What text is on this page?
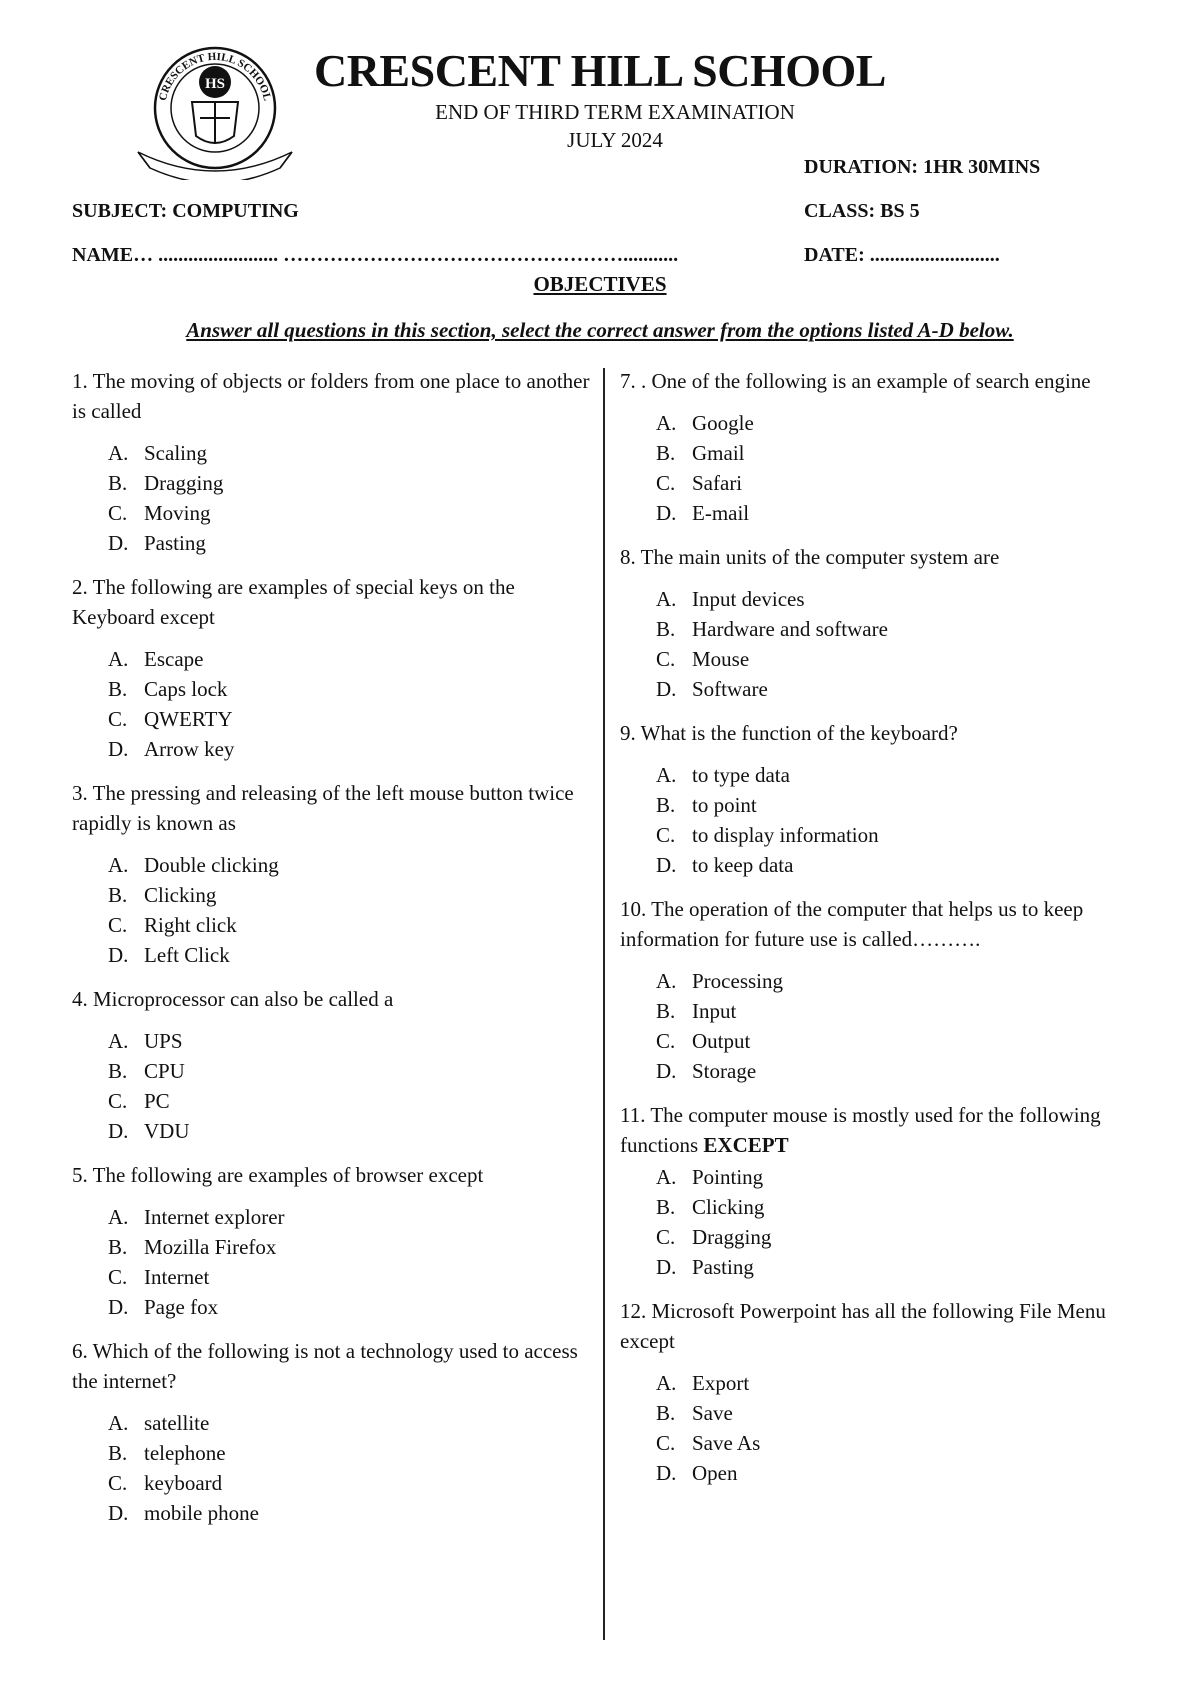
CRESCENT HILL SCHOOL
HS	CRESCENT HILL SCHOOL
END OF THIRD TERM EXAMINATION
JULY 2024
DURATION: 1HR 30MINS
SUBJECT: COMPUTING	CLASS: BS 5
NAME… ........................ ……………………………………………...........	DATE: ..........................
OBJECTIVES
Answer all questions in this section, select the correct answer from the options listed A-D below.
1. The moving of objects or folders from one place to another is called
A. Scaling
B. Dragging
C. Moving
D. Pasting
2. The following are examples of special keys on the Keyboard except
A. Escape
B. Caps lock
C. QWERTY
D. Arrow key
3. The pressing and releasing of the left mouse button twice rapidly is known as
A. Double clicking
B. Clicking
C. Right click
D. Left Click
4. Microprocessor can also be called a
A. UPS
B. CPU
C. PC
D. VDU
5. The following are examples of browser except
A. Internet explorer
B. Mozilla Firefox
C. Internet
D. Page fox
6. Which of the following is not a technology used to access the internet?
A. satellite
B. telephone
C. keyboard
D. mobile phone
7. . One of the following is an example of search engine
A. Google
B. Gmail
C. Safari
D. E-mail
8. The main units of the computer system are
A. Input devices
B. Hardware and software
C. Mouse
D. Software
9. What is the function of the keyboard?
A. to type data
B. to point
C. to display information
D. to keep data
10. The operation of the computer that helps us to keep information for future use is called……….
A. Processing
B. Input
C. Output
D. Storage
11. The computer mouse is mostly used for the following functions EXCEPT
A. Pointing
B. Clicking
C. Dragging
D. Pasting
12. Microsoft Powerpoint has all the following File Menu except
A. Export
B. Save
C. Save As
D. Open
